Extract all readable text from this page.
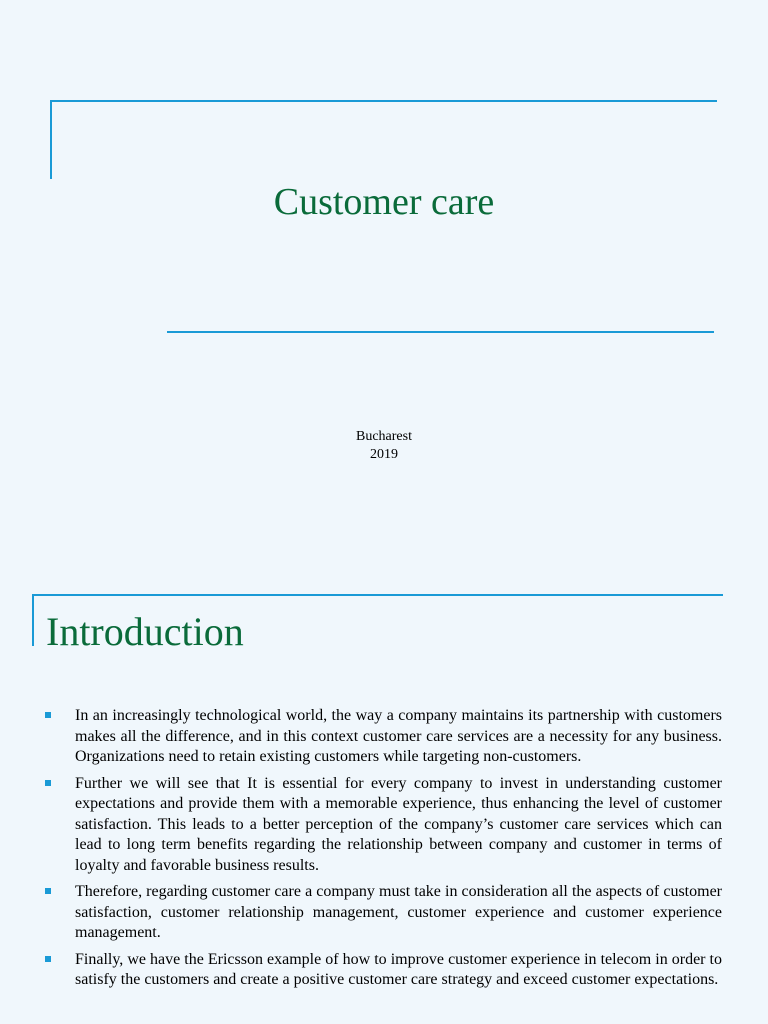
Customer care
Bucharest
2019
Introduction
In an increasingly technological world, the way a company maintains its partnership with customers makes all the difference, and in this context customer care services are a necessity for any business. Organizations need to retain existing customers while targeting non-customers.
Further we will see that It is essential for every company to invest in understanding customer expectations and provide them with a memorable experience, thus enhancing the level of customer satisfaction. This leads to a better perception of the company’s customer care services which can lead to long term benefits regarding the relationship between company and customer in terms of loyalty and favorable business results.
Therefore, regarding customer care a company must take in consideration all the aspects of customer satisfaction, customer relationship management, customer experience and customer experience management.
Finally, we have the Ericsson example of how to improve customer experience in telecom in order to satisfy the customers and create a positive customer care strategy and exceed customer expectations.
